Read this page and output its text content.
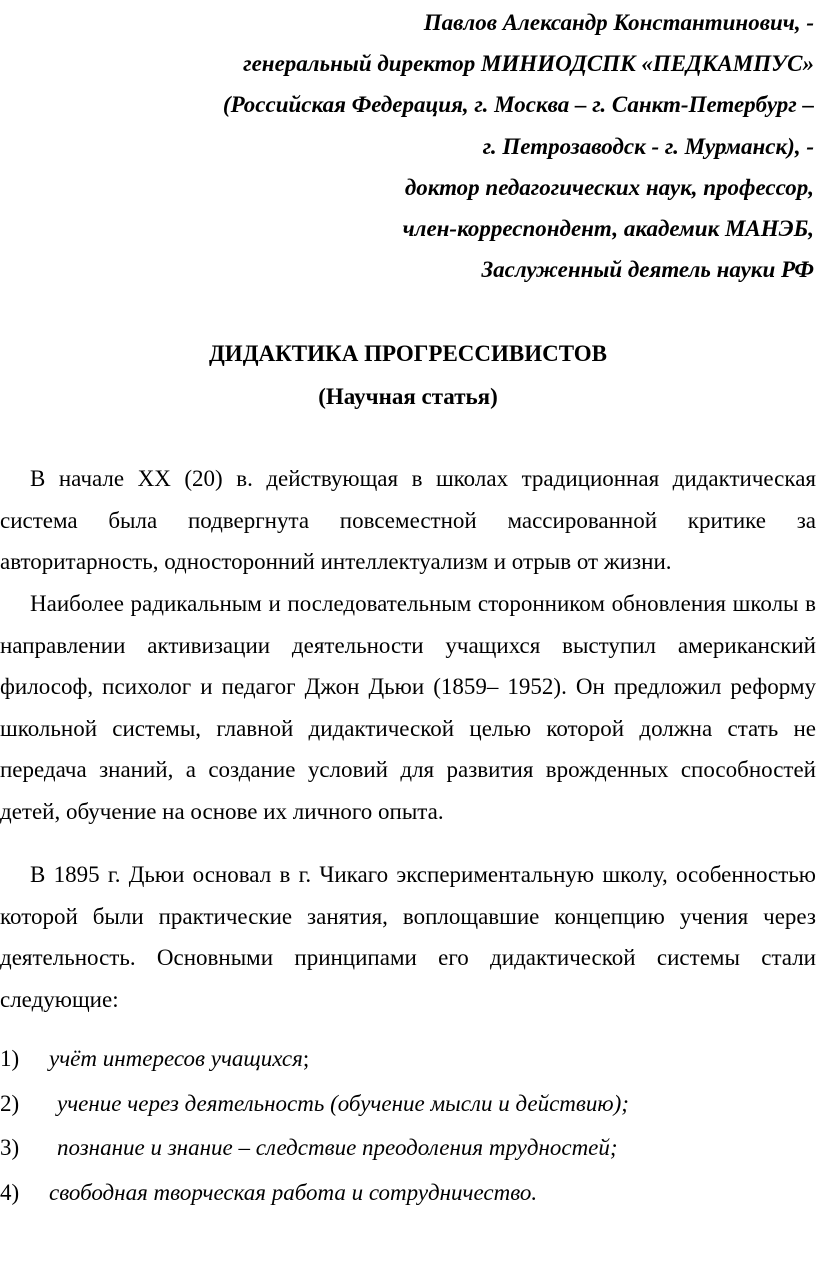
Павлов Александр Константинович, -
генеральный директор МИНИОДСПК «ПЕДКАМПУС»
(Российская Федерация, г. Москва – г. Санкт-Петербург –
г. Петрозаводск - г. Мурманск), -
доктор педагогических наук, профессор,
член-корреспондент, академик МАНЭБ,
Заслуженный деятель науки РФ
ДИДАКТИКА ПРОГРЕССИВИСТОВ
(Научная статья)

В начале XX (20) в. действующая в школах традиционная дидактическая система была подвергнута повсеместной массированной критике за авторитарность, односторонний интеллектуализм и отрыв от жизни.

Наиболее радикальным и последовательным сторонником обновления школы в направлении активизации деятельности учащихся выступил американский философ, психолог и педагог Джон Дьюи (1859– 1952). Он предложил реформу школьной системы, главной дидактической целью которой должна стать не передача знаний, а создание условий для развития врожденных способностей детей, обучение на основе их личного опыта.

В 1895 г. Дьюи основал в г. Чикаго экспериментальную школу, особенностью которой были практические занятия, воплощавшие концепцию учения через деятельность. Основными принципами его дидактической системы стали следующие:

1) учёт интересов учащихся;
2) учение через деятельность (обучение мысли и действию);
3) познание и знание – следствие преодоления трудностей;
4) свободная творческая работа и сотрудничество.
